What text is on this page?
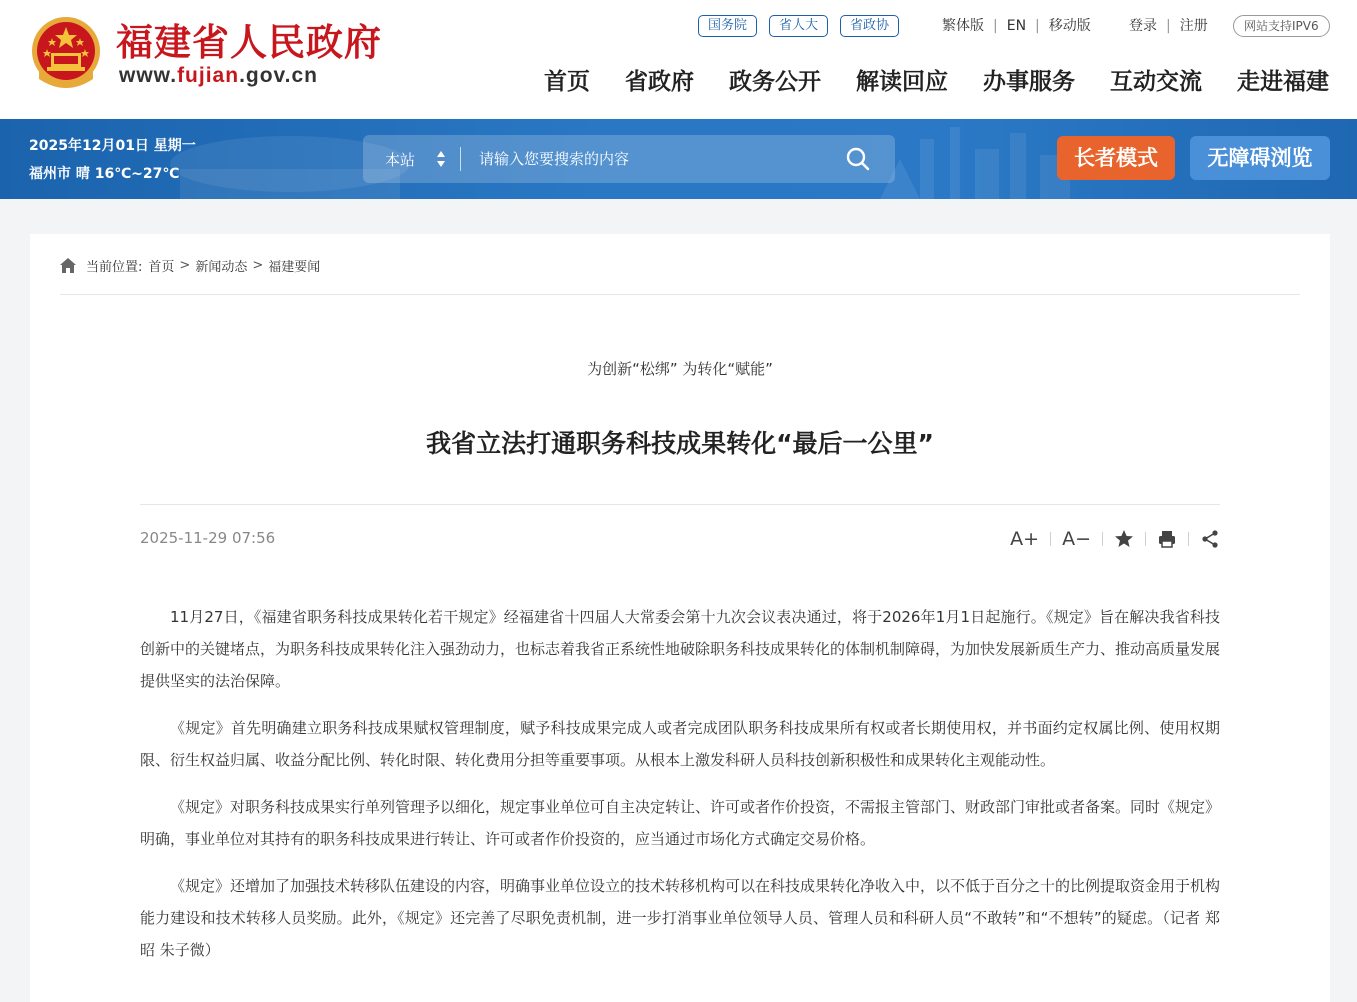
福建省人民政府
www.fujian.gov.cn
国务院	省人大	省政协	繁体版 | EN | 移动版	登录 | 注册	网站支持IPV6
首页 省政府 政务公开 解读回应 办事服务 互动交流 走进福建
2025年12月01日 星期一
福州市 晴 16℃~27℃
本站
请输入您要搜索的内容	长者模式	无障碍浏览
当前位置: 首页 > 新闻动态 > 福建要闻
为创新“松绑” 为转化“赋能”
我省立法打通职务科技成果转化“最后一公里”
2025-11-29 07:56	A+	A−

11月27日，《福建省职务科技成果转化若干规定》经福建省十四届人大常委会第十九次会议表决通过，将于2026年1月1日起施行。《规定》旨在解决我省科技创新中的关键堵点，为职务科技成果转化注入强劲动力，也标志着我省正系统性地破除职务科技成果转化的体制机制障碍，为加快发展新质生产力、推动高质量发展提供坚实的法治保障。

《规定》首先明确建立职务科技成果赋权管理制度，赋予科技成果完成人或者完成团队职务科技成果所有权或者长期使用权，并书面约定权属比例、使用权期限、衍生权益归属、收益分配比例、转化时限、转化费用分担等重要事项。从根本上激发科研人员科技创新积极性和成果转化主观能动性。

《规定》对职务科技成果实行单列管理予以细化，规定事业单位可自主决定转让、许可或者作价投资，不需报主管部门、财政部门审批或者备案。同时《规定》明确，事业单位对其持有的职务科技成果进行转让、许可或者作价投资的，应当通过市场化方式确定交易价格。

《规定》还增加了加强技术转移队伍建设的内容，明确事业单位设立的技术转移机构可以在科技成果转化净收入中，以不低于百分之十的比例提取资金用于机构能力建设和技术转移人员奖励。此外，《规定》还完善了尽职免责机制，进一步打消事业单位领导人员、管理人员和科研人员“不敢转”和“不想转”的疑虑。（记者 郑昭 朱子微）
